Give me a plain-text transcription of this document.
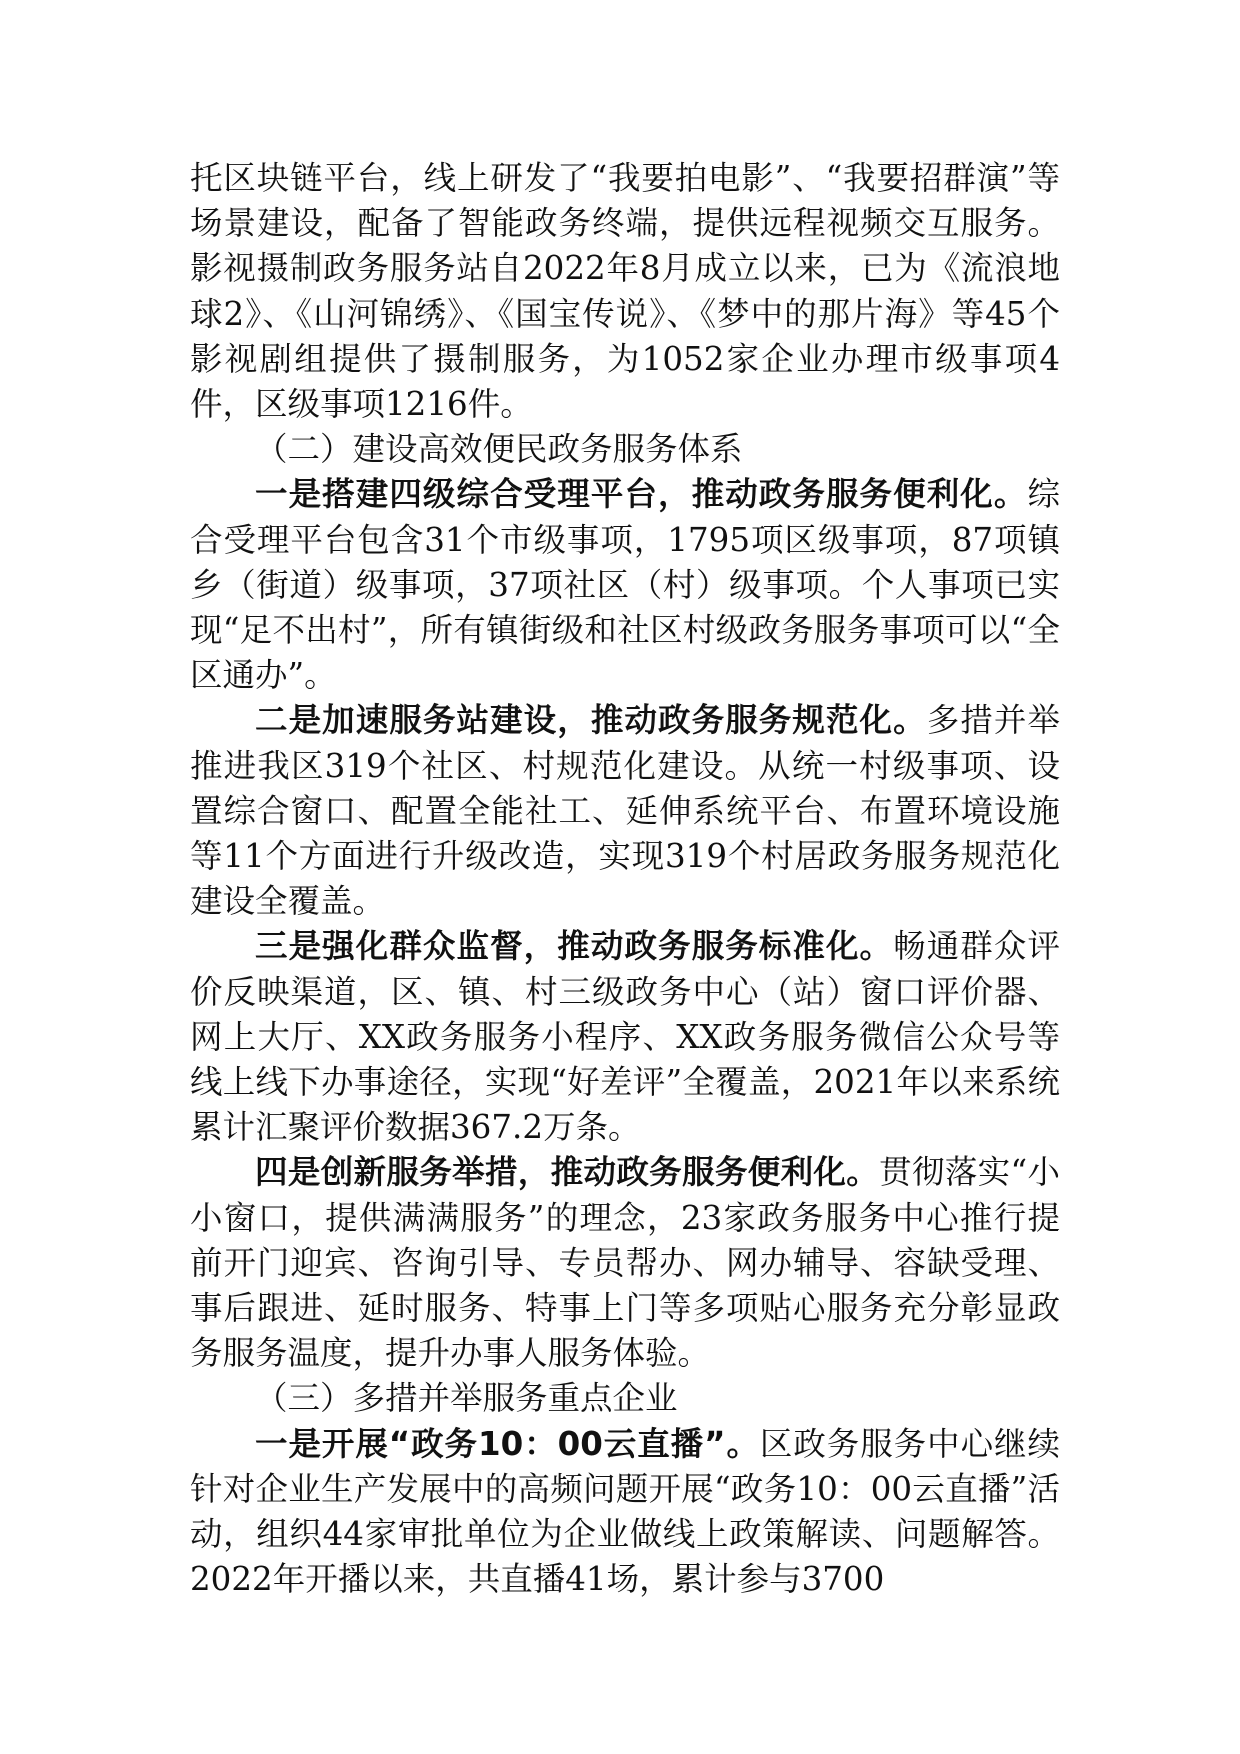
托区块链平台，线上研发了“我要拍电影”、“我要招群演”等场景建设，配备了智能政务终端，提供远程视频交互服务。影视摄制政务服务站自2022年8月成立以来，已为《流浪地球2》、《山河锦绣》、《国宝传说》、《梦中的那片海》等45个影视剧组提供了摄制服务，为1052家企业办理市级事项4件，区级事项1216件。

（二）建设高效便民政务服务体系

一是搭建四级综合受理平台，推动政务服务便利化。综合受理平台包含31个市级事项，1795项区级事项，87项镇乡（街道）级事项，37项社区（村）级事项。个人事项已实现“足不出村”，所有镇街级和社区村级政务服务事项可以“全区通办”。

二是加速服务站建设，推动政务服务规范化。多措并举推进我区319个社区、村规范化建设。从统一村级事项、设置综合窗口、配置全能社工、延伸系统平台、布置环境设施等11个方面进行升级改造，实现319个村居政务服务规范化建设全覆盖。

三是强化群众监督，推动政务服务标准化。畅通群众评价反映渠道，区、镇、村三级政务中心（站）窗口评价器、网上大厅、XX政务服务小程序、XX政务服务微信公众号等线上线下办事途径，实现“好差评”全覆盖，2021年以来系统累计汇聚评价数据367.2万条。

四是创新服务举措，推动政务服务便利化。贯彻落实“小小窗口，提供满满服务”的理念，23家政务服务中心推行提前开门迎宾、咨询引导、专员帮办、网办辅导、容缺受理、事后跟进、延时服务、特事上门等多项贴心服务充分彰显政务服务温度，提升办事人服务体验。

（三）多措并举服务重点企业

一是开展“政务10：00云直播”。区政务服务中心继续针对企业生产发展中的高频问题开展“政务10：00云直播”活动，组织44家审批单位为企业做线上政策解读、问题解答。2022年开播以来，共直播41场，累计参与3700
